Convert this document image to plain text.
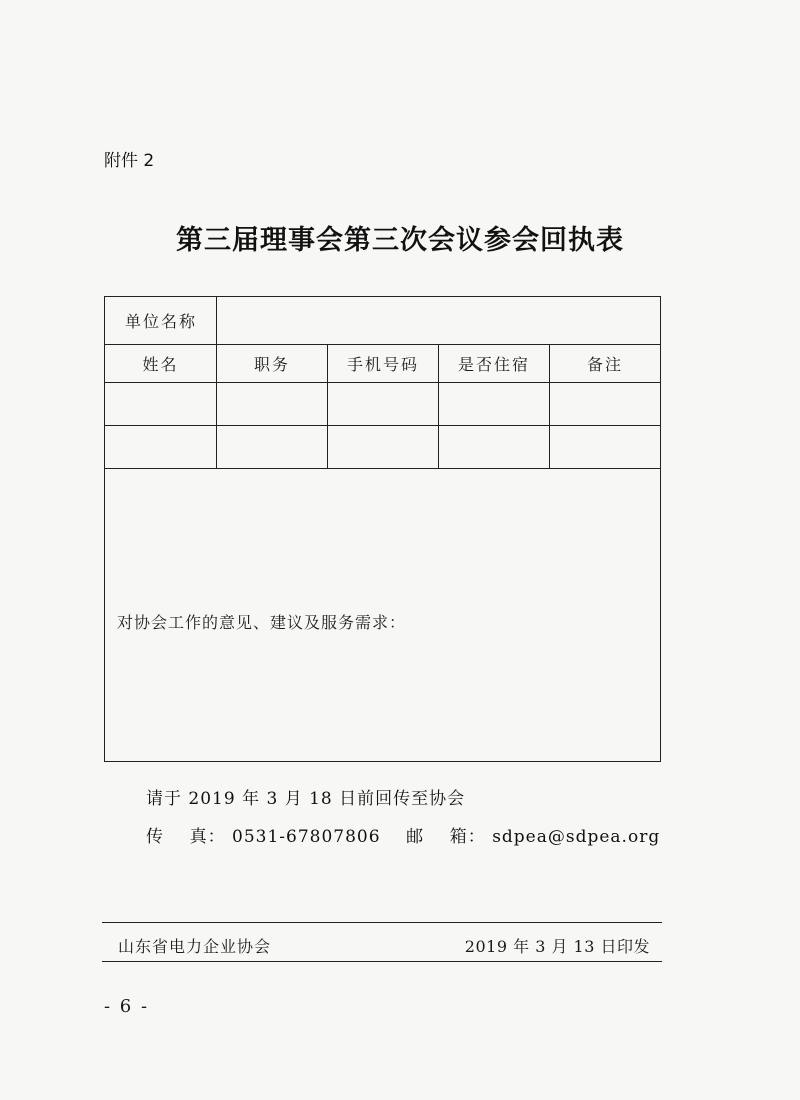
附件 2
第三届理事会第三次会议参会回执表
单位名称				
姓名	职务	手机号码	是否住宿	备注

对协会工作的意见、建议及服务需求：				
请于 2019 年 3 月 18 日前回传至协会
传    真： 0531-67807806    邮    箱： sdpea@sdpea.org
山东省电力企业协会	2019 年 3 月 13 日印发
- 6 -
